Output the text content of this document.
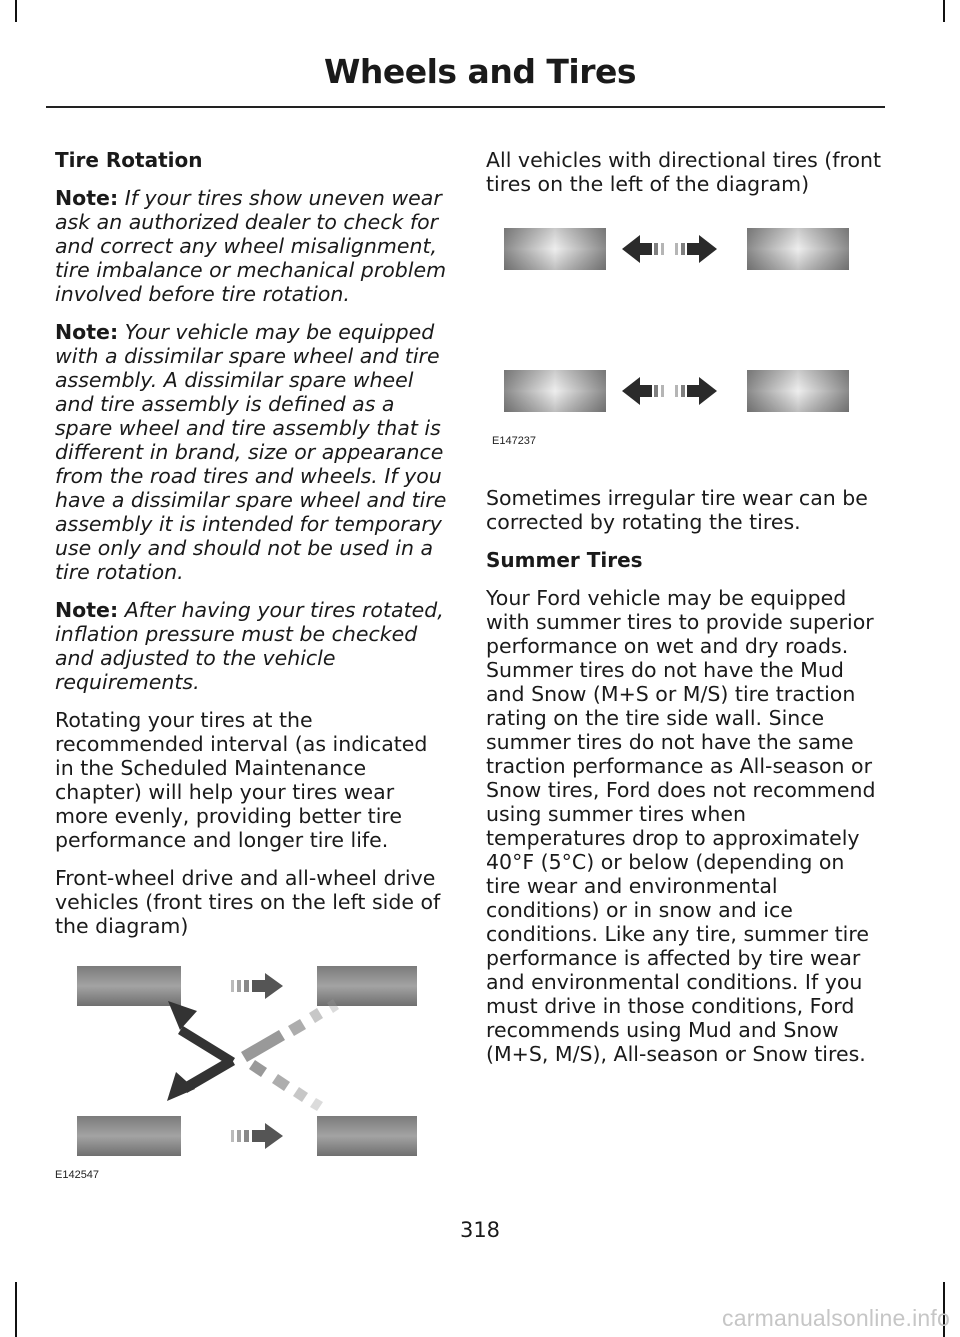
Wheels and Tires
Tire Rotation

Note: If your tires show uneven wear ask an authorized dealer to check for and correct any wheel misalignment, tire imbalance or mechanical problem involved before tire rotation.

Note: Your vehicle may be equipped with a dissimilar spare wheel and tire assembly. A dissimilar spare wheel and tire assembly is defined as a spare wheel and tire assembly that is different in brand, size or appearance from the road tires and wheels. If you have a dissimilar spare wheel and tire assembly it is intended for temporary use only and should not be used in a tire rotation.

Note: After having your tires rotated, inflation pressure must be checked and adjusted to the vehicle requirements.

Rotating your tires at the recommended interval (as indicated in the Scheduled Maintenance chapter) will help your tires wear more evenly, providing better tire performance and longer tire life.

Front-wheel drive and all-wheel drive vehicles (front tires on the left side of the diagram)

E142547

All vehicles with directional tires (front tires on the left of the diagram)

E147237

Sometimes irregular tire wear can be corrected by rotating the tires.

Summer Tires

Your Ford vehicle may be equipped with summer tires to provide superior performance on wet and dry roads. Summer tires do not have the Mud and Snow (M+S or M/S) tire traction rating on the tire side wall. Since summer tires do not have the same traction performance as All-season or Snow tires, Ford does not recommend using summer tires when temperatures drop to approximately 40°F (5°C) or below (depending on tire wear and environmental conditions) or in snow and ice conditions. Like any tire, summer tire performance is affected by tire wear and environmental conditions. If you must drive in those conditions, Ford recommends using Mud and Snow (M+S, M/S), All-season or Snow tires.

318
carmanualsonline.info
